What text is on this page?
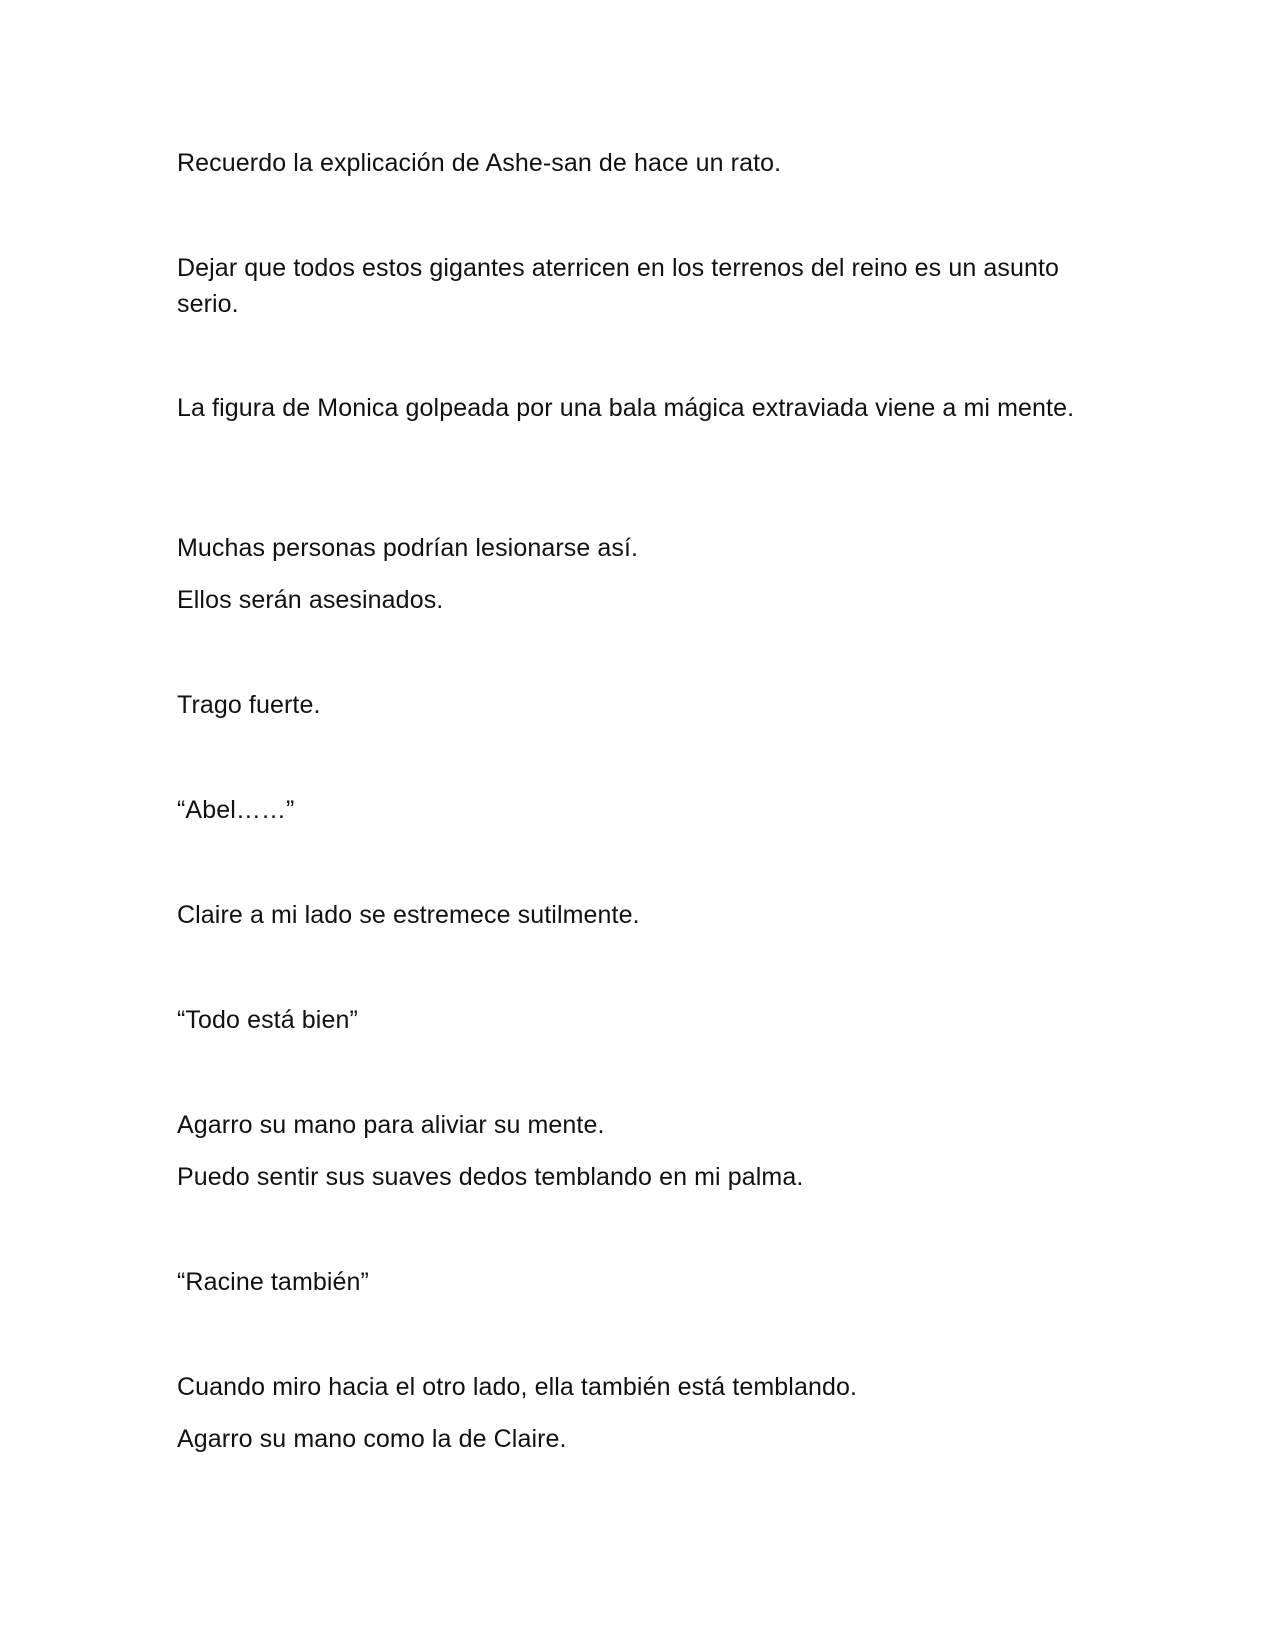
Recuerdo la explicación de Ashe-san de hace un rato.

Dejar que todos estos gigantes aterricen en los terrenos del reino es un asunto serio.

La figura de Monica golpeada por una bala mágica extraviada viene a mi mente.

Muchas personas podrían lesionarse así.

Ellos serán asesinados.

Trago fuerte.

“Abel……”

Claire a mi lado se estremece sutilmente.

“Todo está bien”

Agarro su mano para aliviar su mente.

Puedo sentir sus suaves dedos temblando en mi palma.

“Racine también”

Cuando miro hacia el otro lado, ella también está temblando.

Agarro su mano como la de Claire.
